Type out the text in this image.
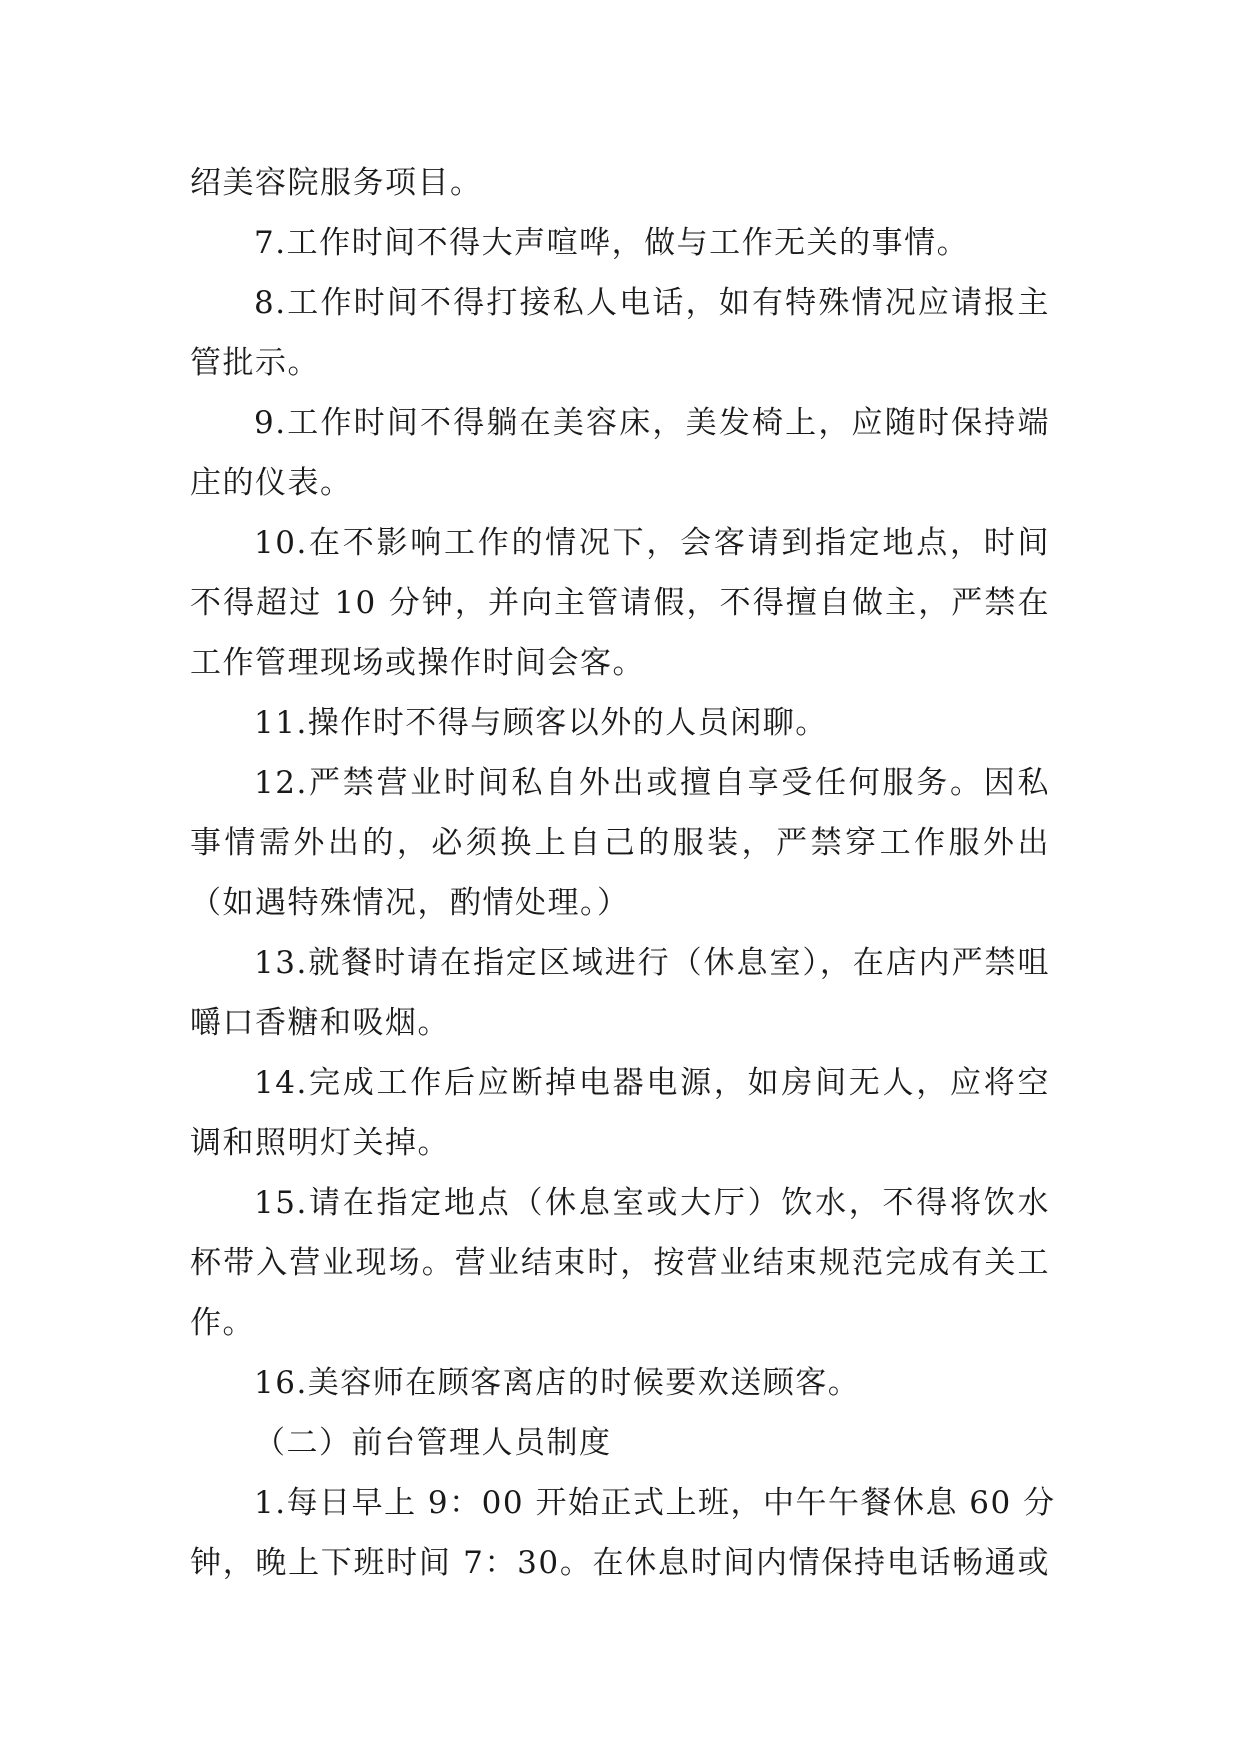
绍美容院服务项目。
7.工作时间不得大声喧哗，做与工作无关的事情。
8.工作时间不得打接私人电话，如有特殊情况应请报主
管批示。
9.工作时间不得躺在美容床，美发椅上，应随时保持端
庄的仪表。
10.在不影响工作的情况下，会客请到指定地点，时间
不得超过 10 分钟，并向主管请假，不得擅自做主，严禁在
工作管理现场或操作时间会客。
11.操作时不得与顾客以外的人员闲聊。
12.严禁营业时间私自外出或擅自享受任何服务。因私
事情需外出的，必须换上自己的服装，严禁穿工作服外出
（如遇特殊情况，酌情处理。）
13.就餐时请在指定区域进行（休息室），在店内严禁咀
嚼口香糖和吸烟。
14.完成工作后应断掉电器电源，如房间无人，应将空
调和照明灯关掉。
15.请在指定地点（休息室或大厅）饮水，不得将饮水
杯带入营业现场。营业结束时，按营业结束规范完成有关工
作。
16.美容师在顾客离店的时候要欢送顾客。
（二）前台管理人员制度
1.每日早上 9：00 开始正式上班，中午午餐休息 60 分
钟，晚上下班时间 7：30。在休息时间内情保持电话畅通或
